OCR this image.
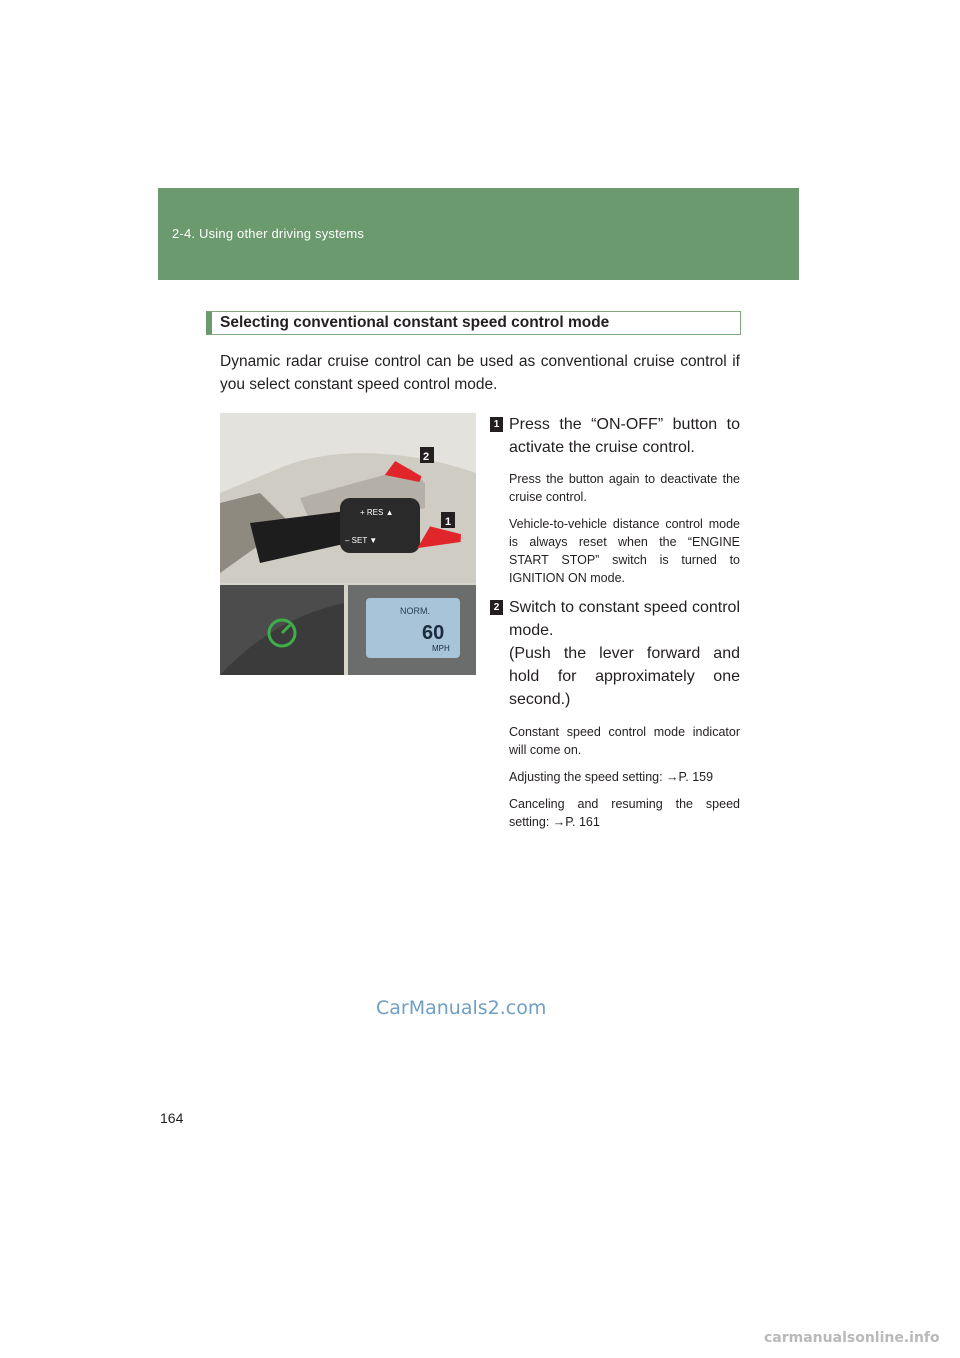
2-4. Using other driving systems
Selecting conventional constant speed control mode
Dynamic radar cruise control can be used as conventional cruise control if you select constant speed control mode.
+ RES ▲
– SET ▼
2
1
NORM.
60
MPH
1 Press the “ON-OFF” button to activate the cruise control.
Press the button again to deactivate the cruise control.
Vehicle-to-vehicle distance control mode is always reset when the “ENGINE START STOP” switch is turned to IGNITION ON mode.
2 Switch to constant speed control mode.
(Push the lever forward and hold for approximately one second.)
Constant speed control mode indicator will come on.
Adjusting the speed setting: →P. 159
Canceling and resuming the speed setting: →P. 161
CarManuals2.com
164
carmanualsonline.info
